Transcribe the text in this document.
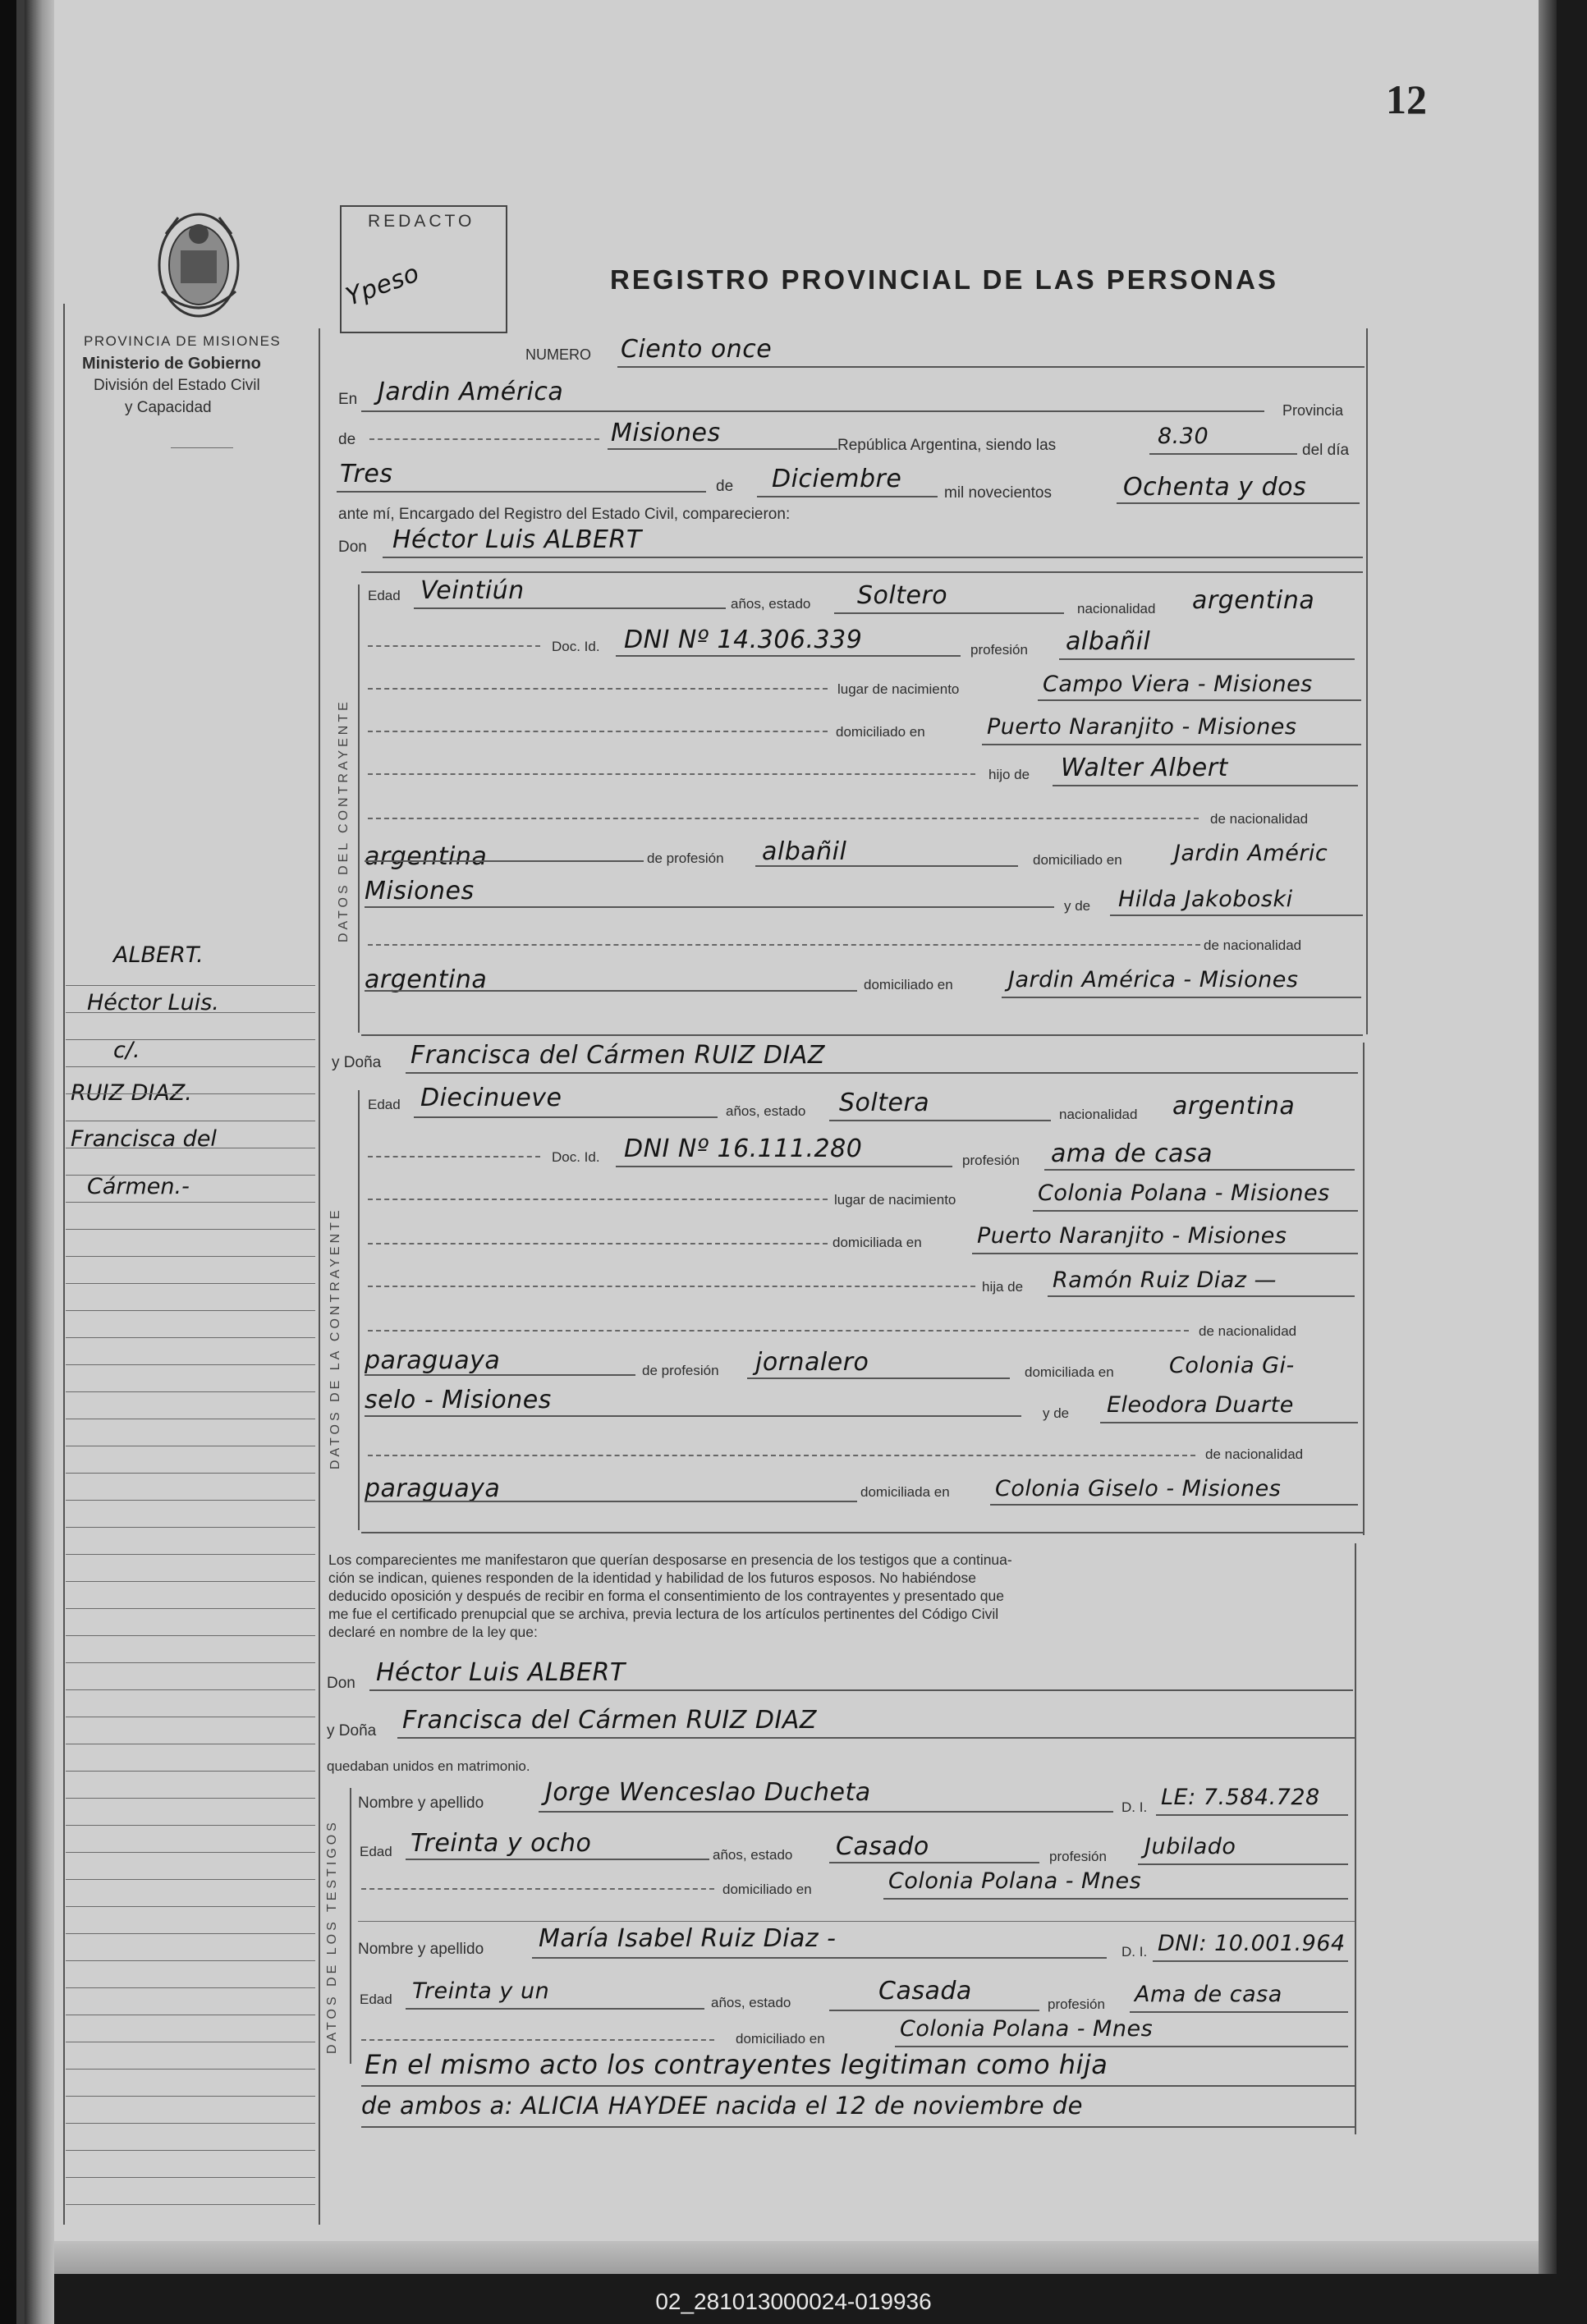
12
PROVINCIA DE MISIONES
Ministerio de Gobierno
División del Estado Civil
y Capacidad
REDACTO
Ypeso	REGISTRO PROVINCIAL DE LAS PERSONAS
ALBERT.
Héctor Luis.
c/.
RUIZ DIAZ.
Francisca del
Cármen.-
NUMERO Ciento once
En Jardin América
Provincia
de	Misiones	República Argentina, siendo las	8.30
del día
Tres	de Diciembre	mil novecientos	Ochenta y dos
ante mí, Encargado del Registro del Estado Civil, comparecieron:
Don Héctor Luis ALBERT
DATOS DEL CONTRAYENTE
Edad Veintiún	años, estado Soltero	nacionalidad argentina
Doc. Id. DNI Nº 14.306.339	profesión albañil
lugar de nacimiento	Campo Viera - Misiones
domiciliado en	Puerto Naranjito - Misiones
hijo de Walter Albert
de nacionalidad
argentina	de profesión albañil	domiciliado en Jardin Améric
Misiones
y de Hilda Jakoboski
de nacionalidad
argentina	domiciliado en Jardin América - Misiones
y Doña Francisca del Cármen RUIZ DIAZ
DATOS DE LA CONTRAYENTE
Edad Diecinueve	años, estado Soltera	nacionalidad argentina
Doc. Id. DNI Nº 16.111.280	profesión ama de casa
lugar de nacimiento	Colonia Polana - Misiones
domiciliada en Puerto Naranjito - Misiones
hija de Ramón Ruiz Diaz —
de nacionalidad
paraguaya	de profesión jornalero	domiciliada en Colonia Gi-
selo - Misiones	y de Eleodora Duarte
de nacionalidad
paraguaya	domiciliada en Colonia Giselo - Misiones
Los comparecientes me manifestaron que querían desposarse en presencia de los testigos que a continua-
ción se indican, quienes responden de la identidad y habilidad de los futuros esposos. No habiéndose
deducido oposición y después de recibir en forma el consentimiento de los contrayentes y presentado que
me fue el certificado prenupcial que se archiva, previa lectura de los artículos pertinentes del Código Civil
declaré en nombre de la ley que:
Don Héctor Luis ALBERT
y Doña Francisca del Cármen RUIZ DIAZ
quedaban unidos en matrimonio.
DATOS DE LOS TESTIGOS
Nombre y apellido Jorge Wenceslao Ducheta
D. I. LE: 7.584.728
Edad Treinta y ocho	años, estado Casado	profesión Jubilado
domiciliado en	Colonia Polana - Mnes
Nombre y apellido María Isabel Ruiz Diaz -	D. I. DNI: 10.001.964
Edad Treinta y un	años, estado	Casada	profesión Ama de casa
domiciliado en	Colonia Polana - Mnes
En el mismo acto los contrayentes legitiman como hija
de ambos a: ALICIA HAYDEE nacida el 12 de noviembre de
02_281013000024-019936
